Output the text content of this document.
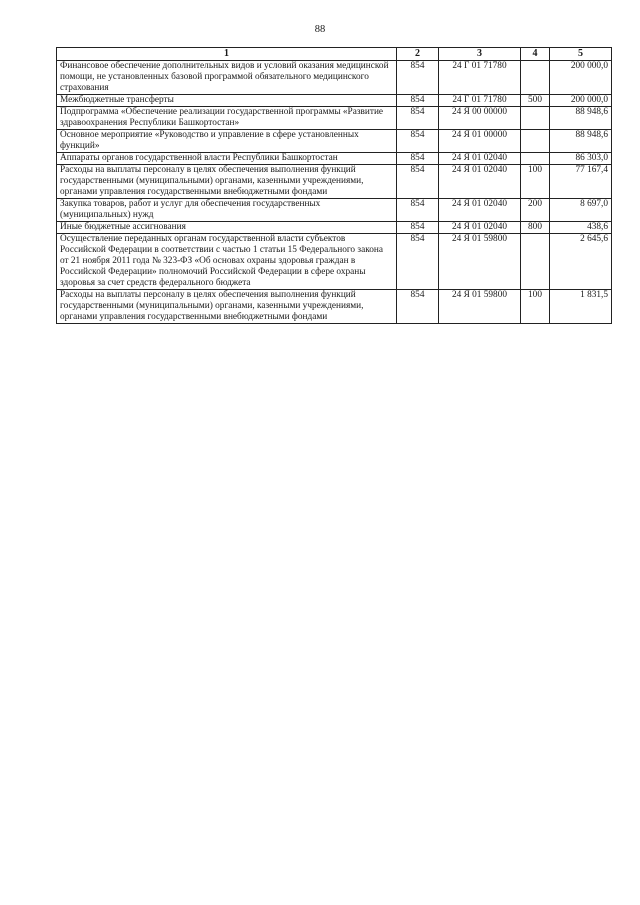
88
1	2	3	4	5
Финансовое обеспечение дополнительных видов и условий оказания медицинской помощи, не установленных базовой программой обязательного медицинского страхования	854	24 Г 01 71780		200 000,0
Межбюджетные трансферты	854	24 Г 01 71780	500	200 000,0
Подпрограмма «Обеспечение реализации государственной программы «Развитие здравоохранения Республики Башкортостан»	854	24 Я 00 00000		88 948,6
Основное мероприятие «Руководство и управление в сфере установленных функций»	854	24 Я 01 00000		88 948,6
Аппараты органов государственной власти Республики Башкортостан	854	24 Я 01 02040		86 303,0
Расходы на выплаты персоналу в целях обеспечения выполнения функций государственными (муниципальными) органами, казенными учреждениями, органами управления государственными внебюджетными фондами	854	24 Я 01 02040	100	77 167,4
Закупка товаров, работ и услуг для обеспечения государственных (муниципальных) нужд	854	24 Я 01 02040	200	8 697,0
Иные бюджетные ассигнования	854	24 Я 01 02040	800	438,6
Осуществление переданных органам государственной власти субъектов Российской Федерации в соответствии с частью 1 статьи 15 Федерального закона от 21 ноября 2011 года № 323-ФЗ «Об основах охраны здоровья граждан в Российской Федерации» полномочий Российской Федерации в сфере охраны здоровья за счет средств федерального бюджета	854	24 Я 01 59800		2 645,6
Расходы на выплаты персоналу в целях обеспечения выполнения функций государственными (муниципальными) органами, казенными учреждениями, органами управления государственными внебюджетными фондами	854	24 Я 01 59800	100	1 831,5
